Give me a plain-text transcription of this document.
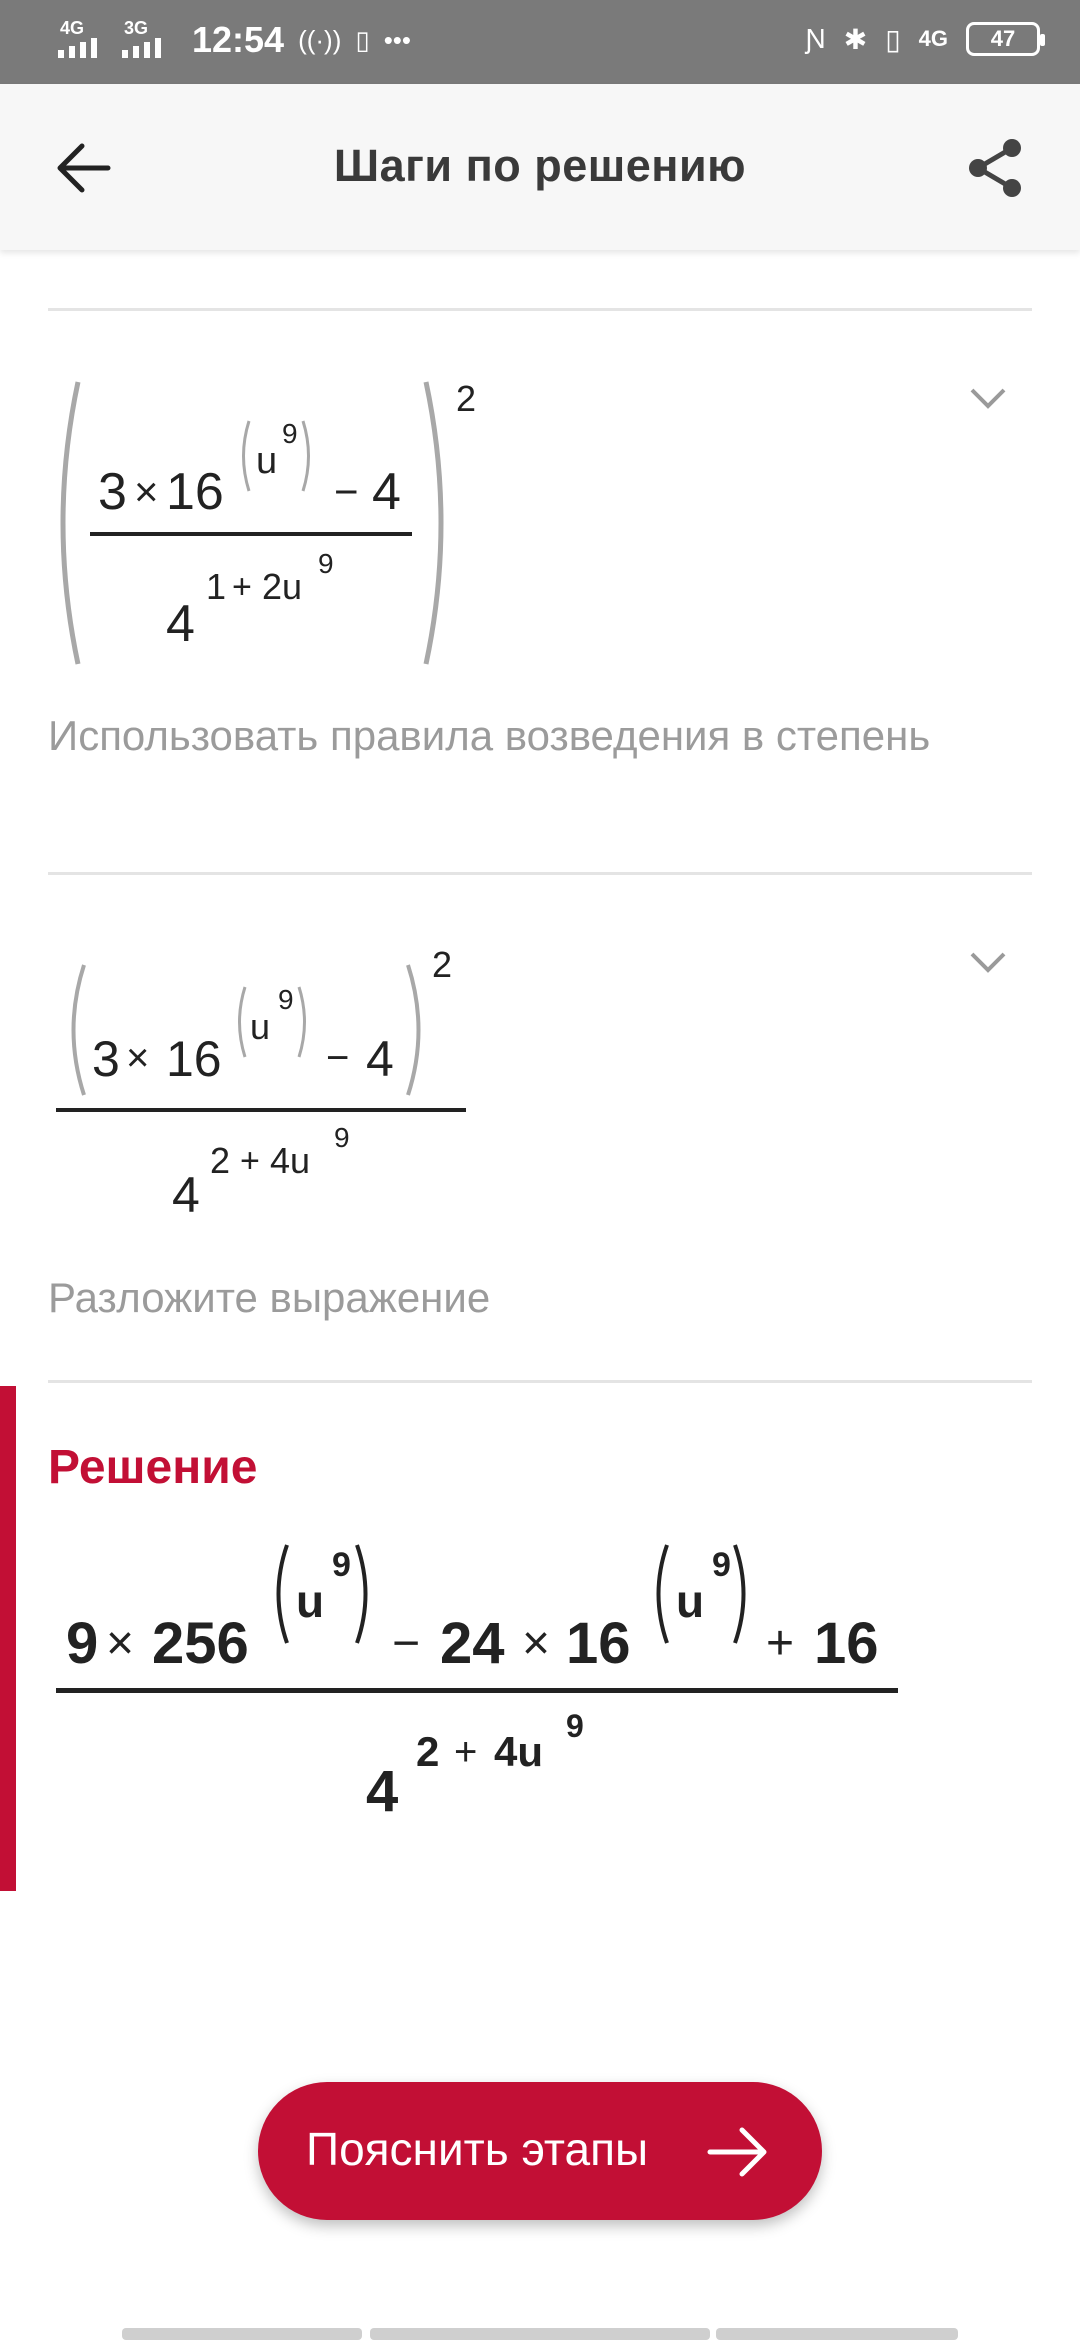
4G 3G 12:54 ((·)) ▯ •••	Ɲ ✱ ▯ 4G	47
Шаги по решению
2
3 × 16
u
9
− 4
4
1 + 2u
9
Использовать правила возведения в степень
3 × 16
u
9
− 4
2
4
2 + 4u
9
Разложите выражение
Решение
9 × 256
u
9
− 24 × 16
u
9
+ 16
4
2 + 4u
9
Пояснить этапы
